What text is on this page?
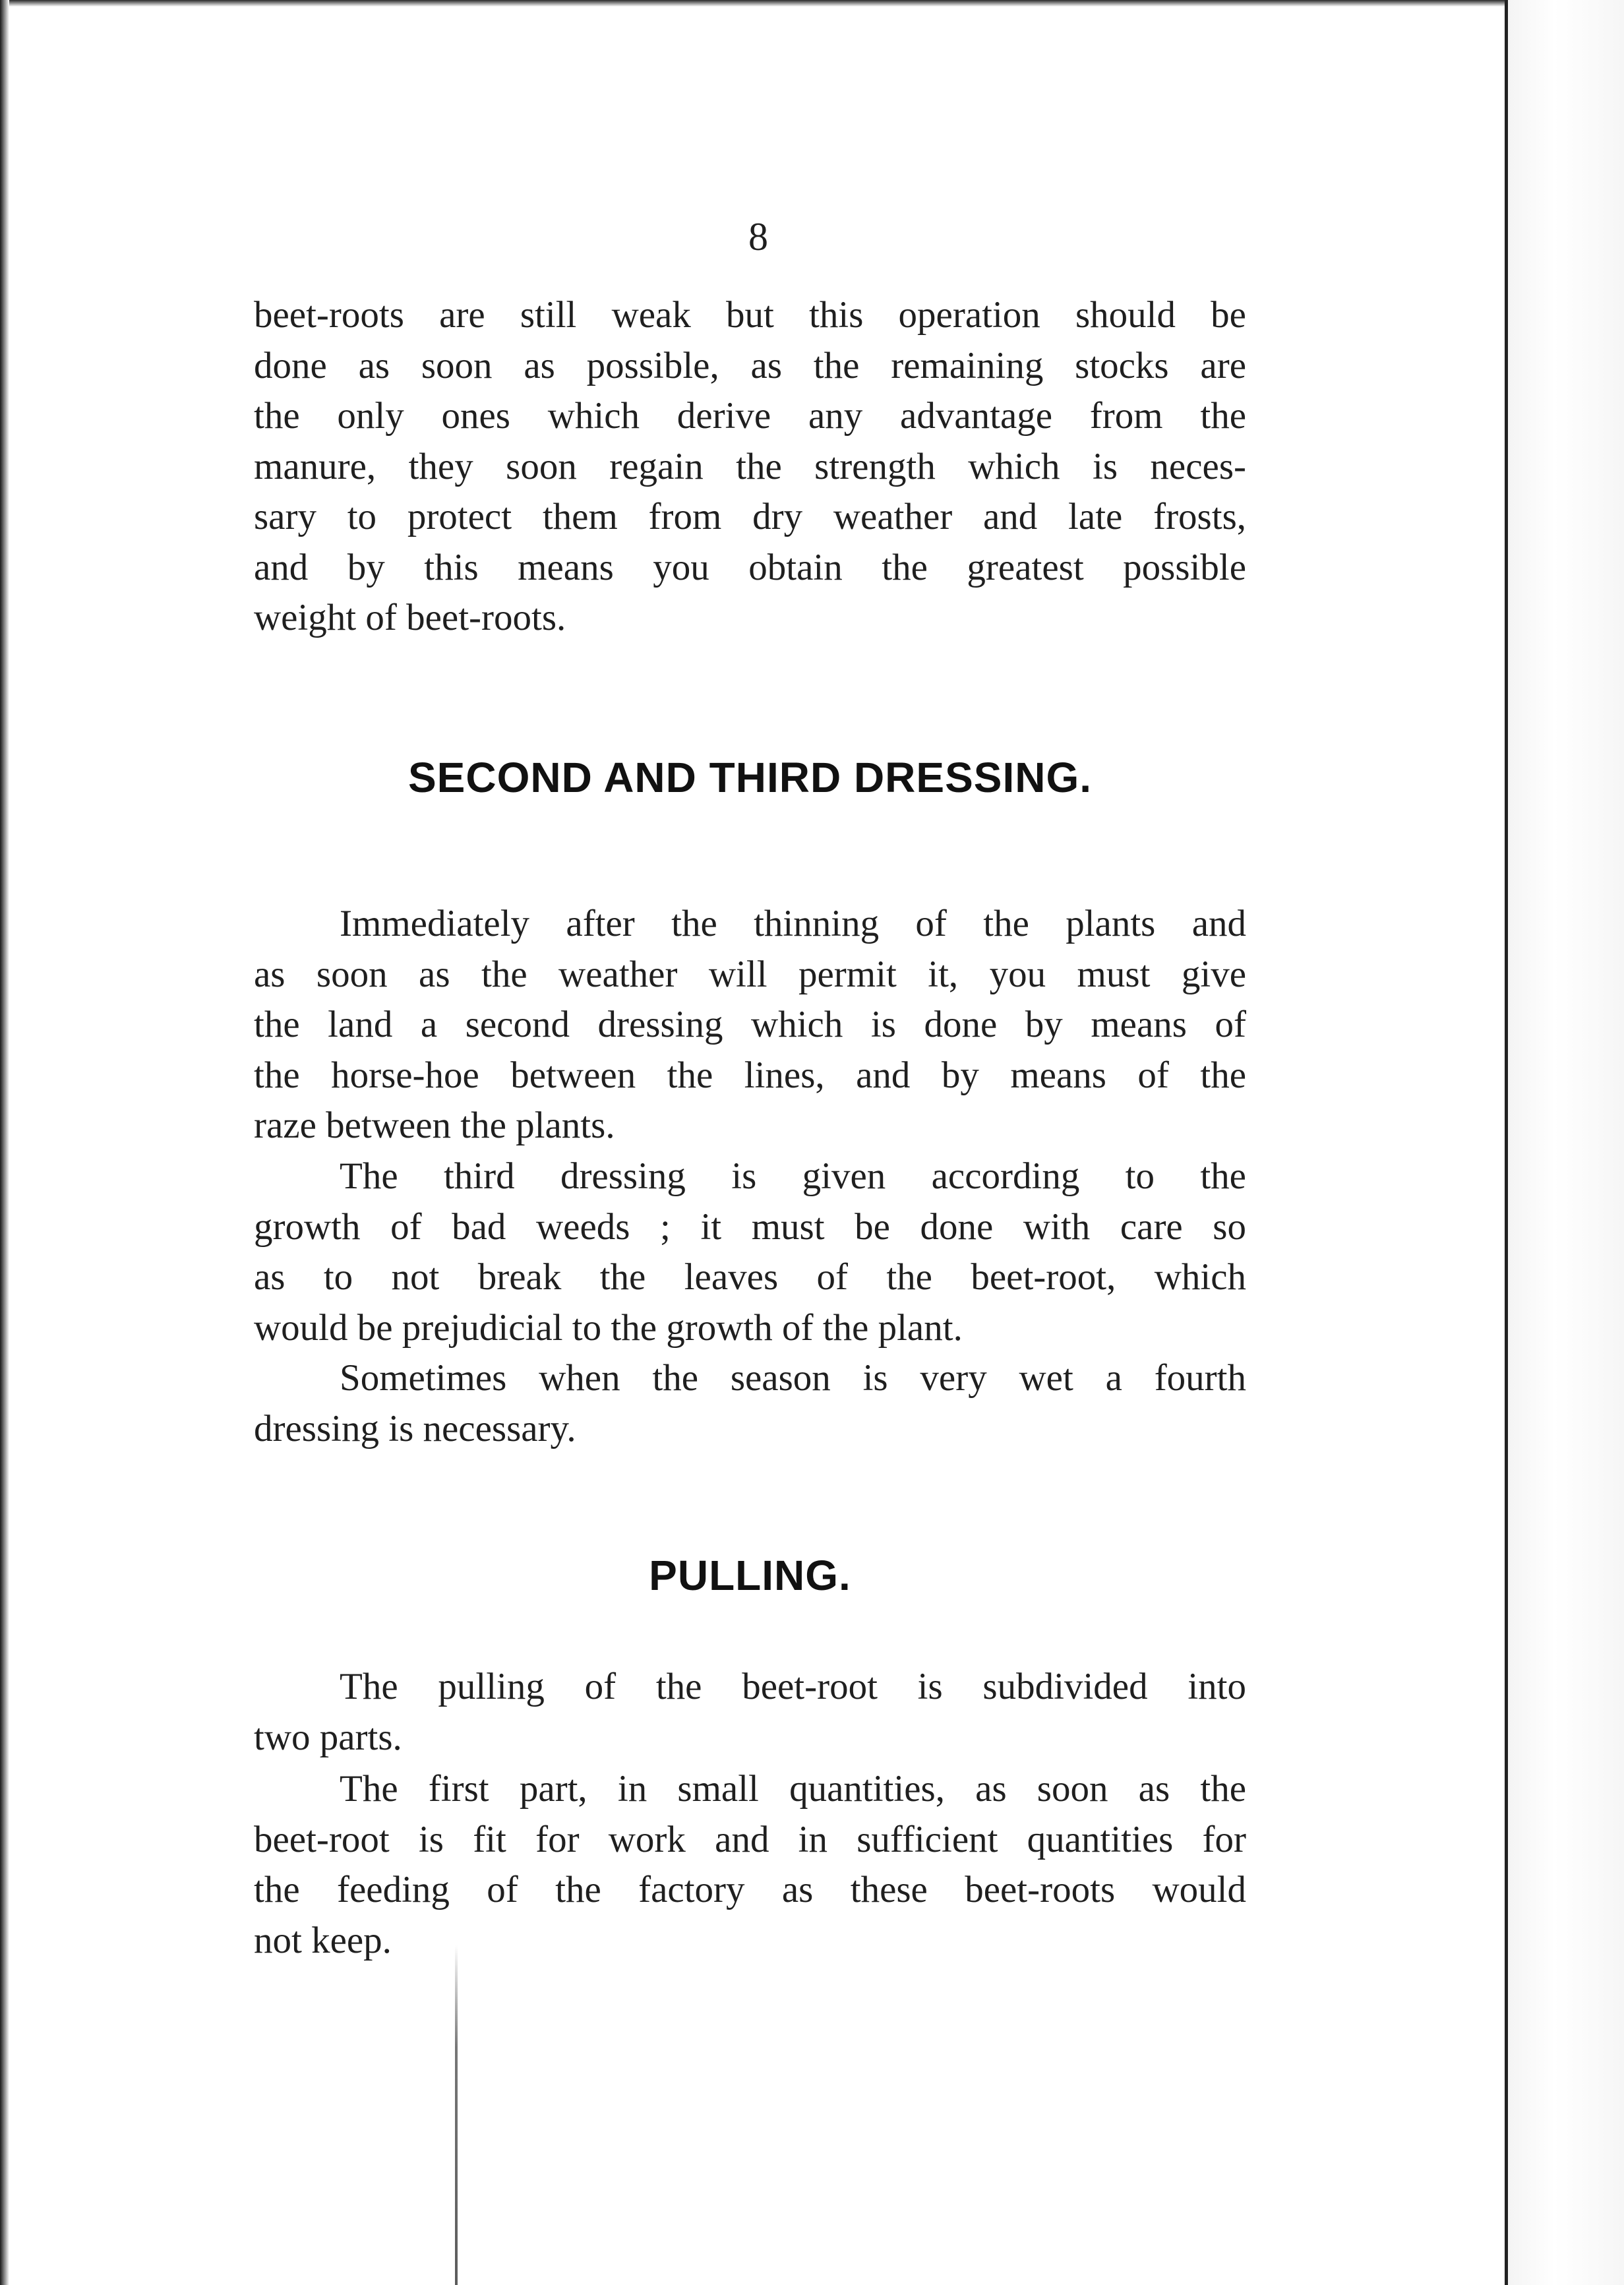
8
beet-roots are still weak but this operation should be
done as soon as possible, as the remaining stocks are
the only ones which derive any advantage from the
manure, they soon regain the strength which is neces-
sary to protect them from dry weather and late frosts,
and by this means you obtain the greatest possible
weight of beet-roots.
SECOND AND THIRD DRESSING.
Immediately after the thinning of the plants and
as soon as the weather will permit it, you must give
the land a second dressing which is done by means of
the horse-hoe between the lines, and by means of the
raze between the plants.
The third dressing is given according to the
growth of bad weeds ; it must be done with care so
as to not break the leaves of the beet-root, which
would be prejudicial to the growth of the plant.
Sometimes when the season is very wet a fourth
dressing is necessary.
PULLING.
The pulling of the beet-root is subdivided into
two parts.
The first part, in small quantities, as soon as the
beet-root is fit for work and in sufficient quantities for
the feeding of the factory as these beet-roots would
not keep.
